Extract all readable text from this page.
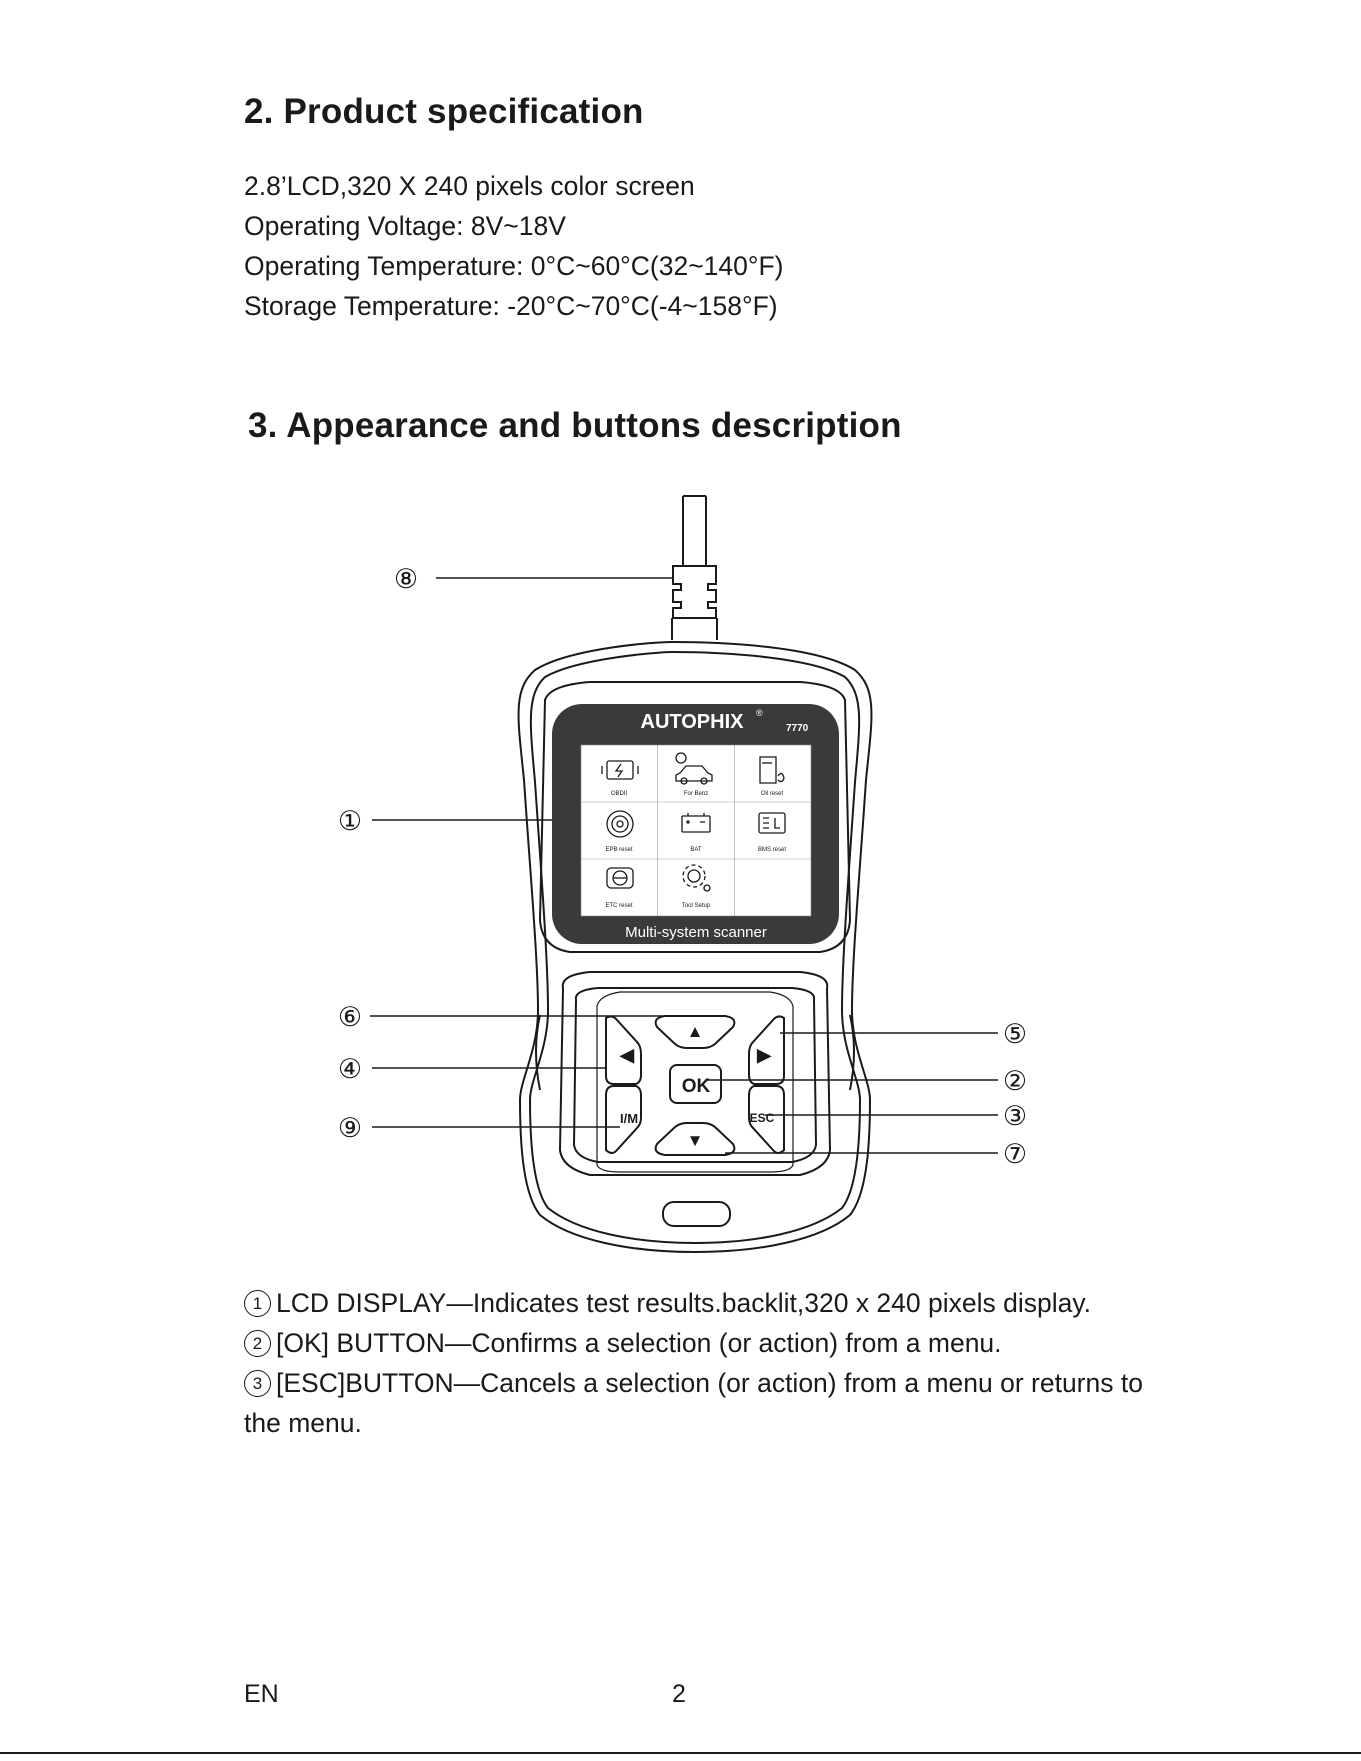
2. Product specification

2.8’LCD,320 X 240 pixels color screen

Operating Voltage: 8V~18V

Operating Temperature: 0°C~60°C(32~140°F)

Storage Temperature: -20°C~70°C(-4~158°F)

3. Appearance and buttons description
AUTOPHIX ®
7770
OBDII	For Benz	Oil reset
EPB reset	BAT	BMS reset
ETC reset	Tool Setup
Multi-system scanner
▲
▼
◀	▶
OK
I/M	ESC
⑧
①
⑥
④
⑨
⑤
②
③
⑦
1 LCD DISPLAY—Indicates test results.backlit,320 x 240 pixels display.
2 [OK] BUTTON—Confirms a selection (or action) from a menu.
3 [ESC]BUTTON—Cancels a selection (or action) from a menu or returns to the menu.
EN	2
